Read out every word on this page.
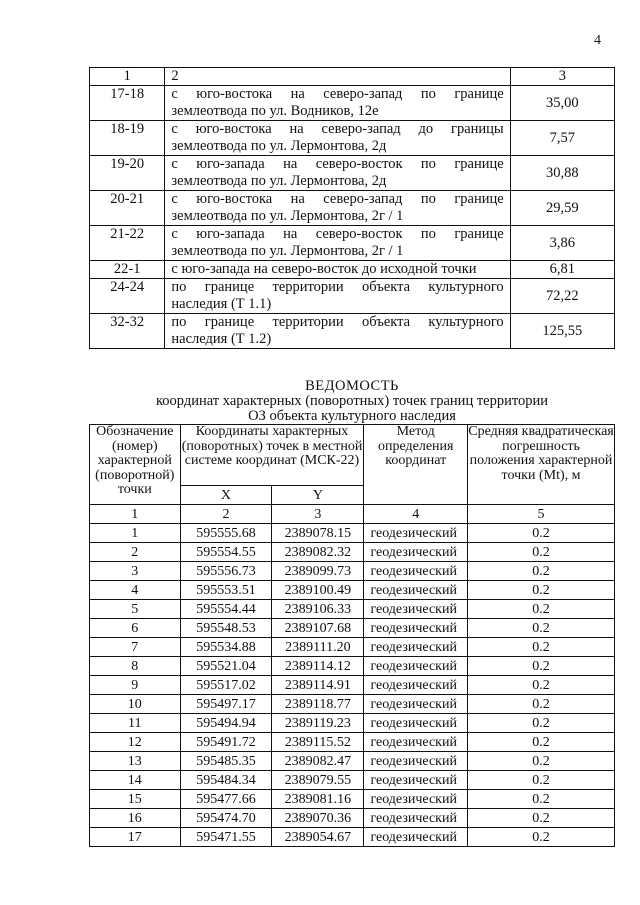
4
1	2	3
17-18	с юго-востока на северо-запад по границе землеотвода по ул. Водников, 12е	35,00
18-19	с юго-востока на северо-запад до границы землеотвода по ул. Лермонтова, 2д	7,57
19-20	с юго-запада на северо-восток по границе землеотвода по ул. Лермонтова, 2д	30,88
20-21	с юго-востока на северо-запад по границе землеотвода по ул. Лермонтова, 2г / 1	29,59
21-22	с юго-запада на северо-восток по границе землеотвода по ул. Лермонтова, 2г / 1	3,86
22-1	с юго-запада на северо-восток до исходной точки	6,81
24-24	по границе территории объекта культурного наследия (Т 1.1)	72,22
32-32	по границе территории объекта культурного наследия (Т 1.2)	125,55
ВЕДОМОСТЬ
координат характерных (поворотных) точек границ территории
ОЗ объекта культурного наследия
Обозначение (номер) характерной (поворотной) точки	Координаты характерных (поворотных) точек в местной системе координат (МСК-22)		Метод определения координат	Средняя квадратическая погрешность положения характерной точки (Mt), м
	X	Y		
1	2	3	4	5
1	595555.68	2389078.15	геодезический	0.2
2	595554.55	2389082.32	геодезический	0.2
3	595556.73	2389099.73	геодезический	0.2
4	595553.51	2389100.49	геодезический	0.2
5	595554.44	2389106.33	геодезический	0.2
6	595548.53	2389107.68	геодезический	0.2
7	595534.88	2389111.20	геодезический	0.2
8	595521.04	2389114.12	геодезический	0.2
9	595517.02	2389114.91	геодезический	0.2
10	595497.17	2389118.77	геодезический	0.2
11	595494.94	2389119.23	геодезический	0.2
12	595491.72	2389115.52	геодезический	0.2
13	595485.35	2389082.47	геодезический	0.2
14	595484.34	2389079.55	геодезический	0.2
15	595477.66	2389081.16	геодезический	0.2
16	595474.70	2389070.36	геодезический	0.2
17	595471.55	2389054.67	геодезический	0.2
